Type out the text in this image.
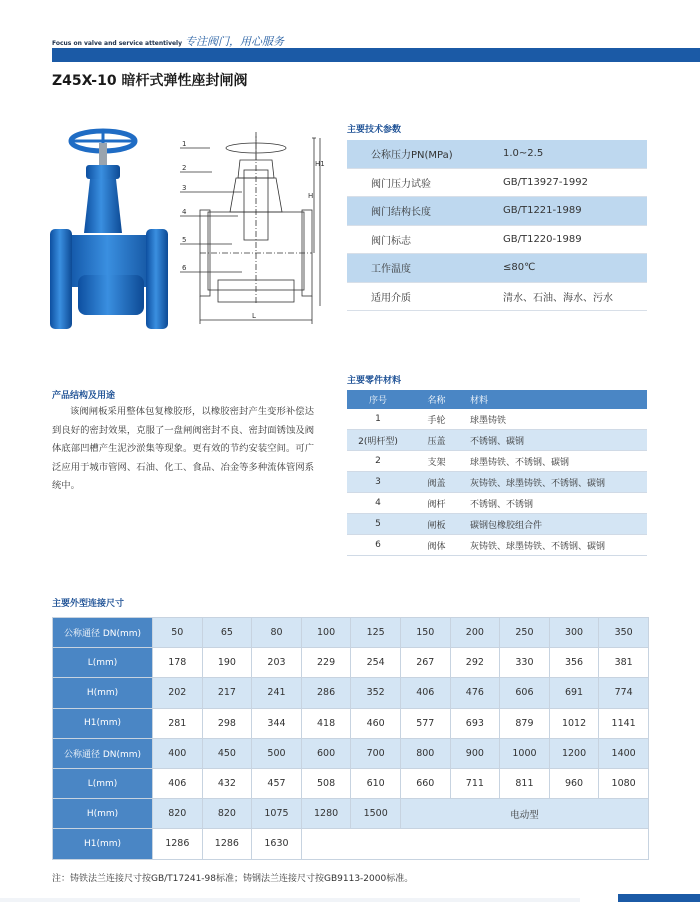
Focus on valve and service attentively 专注阀门，用心服务
Z45X-10 暗杆式弹性座封闸阀
1
2
3
4
5
6
H
H1
L
主要技术参数
公称压力PN(MPa)	1.0~2.5
阀门压力试验	GB/T13927-1992
阀门结构长度	GB/T1221-1989
阀门标志	GB/T1220-1989
工作温度	≤80℃
适用介质	清水、石油、海水、污水
产品结构及用途
该阀闸板采用整体包复橡胶形，以橡胶密封产生变形补偿达到良好的密封效果，克服了一盘闸阀密封不良、密封面锈蚀及阀体底部凹槽产生泥沙淤集等现象。更有效的节约安装空间。可广泛应用于城市管网、石油、化工、食品、冶金等多种流体管网系统中。
主要零件材料
序号	名称	材料
1	手轮	球墨铸铁
2(明杆型)	压盖	不锈钢、碳钢
2	支架	球墨铸铁、不锈钢、碳钢
3	阀盖	灰铸铁、球墨铸铁、不锈钢、碳钢
4	阀杆	不锈钢、不锈钢
5	闸板	碳钢包橡胶组合件
6	阀体	灰铸铁、球墨铸铁、不锈钢、碳钢
主要外型连接尺寸
公称通径 DN(mm)	50	65	80	100	125	150	200	250	300	350
L(mm)	178	190	203	229	254	267	292	330	356	381
H(mm)	202	217	241	286	352	406	476	606	691	774
H1(mm)	281	298	344	418	460	577	693	879	1012	1141
公称通径 DN(mm)	400	450	500	600	700	800	900	1000	1200	1400
L(mm)	406	432	457	508	610	660	711	811	960	1080
H(mm)	820	820	1075	1280	1500	电动型				
H1(mm)	1286	1286	1630							
注：铸铁法兰连接尺寸按GB/T17241-98标准；铸钢法兰连接尺寸按GB9113-2000标准。
